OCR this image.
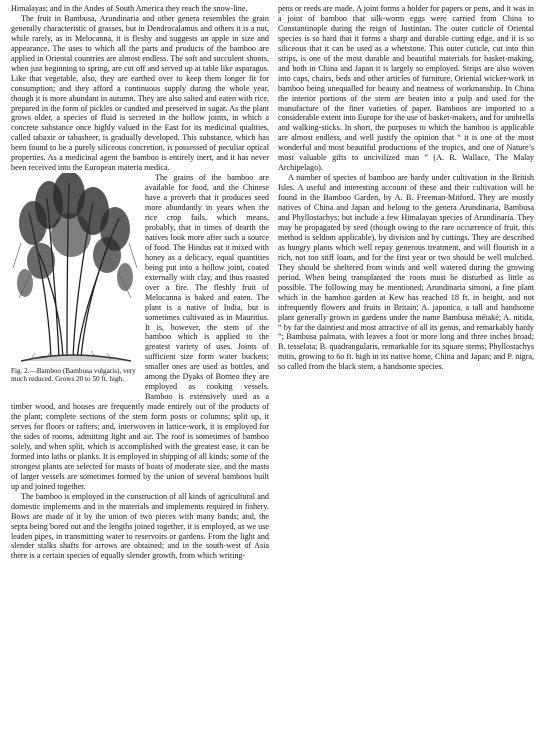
Himalayas; and in the Andes of South America they reach the snow-line.

The fruit in Bambusa, Arundinaria and other genera resembles the grain generally characteristic of grasses, but in Dendrocalamus and others it is a nut, while rarely, as in Melocanna, it is fleshy and suggests an apple in size and appearance. The uses to which all the parts and products of the bamboo are applied in Oriental countries are almost endless. The soft and succulent shoots, when just beginning to spring, are cut off and served up at table like asparagus. Like that vegetable, also, they are earthed over to keep them longer fit for consumption; and they afford a continuous supply during the whole year, though it is more abundant in autumn. They are also salted and eaten with rice, prepared in the form of pickles or candied and preserved in sugar. As the plant grows older, a species of fluid is secreted in the hollow joints, in which a concrete substance once highly valued in the East for its medicinal qualities, called tabaxir or tabasheer, is gradually developed. This substance, which has been found to be a purely siliceous concretion, is possessed of peculiar optical properties. As a medicinal agent the bamboo is entirely inert, and it has never been received into the European materia medica.

Fig. 2.—Bamboo (Bambusa vulgaris), very much reduced. Grows 20 to 50 ft. high.

The grains of the bamboo are available for food, and the Chinese have a proverb that it produces seed more abundantly in years when the rice crop fails, which means, probably, that in times of dearth the natives look more after such a source of food. The Hindus eat it mixed with honey as a delicacy, equal quantities being put into a hollow joint, coated externally with clay, and thus roasted over a fire. The fleshly fruit of Melocanna is baked and eaten. The plant is a native of India, but is sometimes cultivated as in Mauritius. It is, however, the stem of the bamboo which is applied to the greatest variety of uses. Joints of sufficient size form water buckets; smaller ones are used as bottles, and among the Dyaks of Borneo they are employed as cooking vessels. Bamboo is extensively used as a timber wood, and houses are frequently made entirely out of the products of the plant; complete sections of the stem form posts or columns; split up, it serves for floors or rafters; and, interwoven in lattice-work, it is employed for the sides of rooms, admitting light and air. The roof is sometimes of bamboo solely, and when split, which is accomplished with the greatest ease, it can be formed into laths or planks. It is employed in shipping of all kinds; some of the strongest plants are selected for masts of boats of moderate size, and the masts of larger vessels are sometimes formed by the union of several bamboos built up and joined together.

The bamboo is employed in the construction of all kinds of agricultural and domestic implements and in the materials and implements required in fishery. Bows are made of it by the union of two pieces with many bands; and, the septa being bored out and the lengths joined together, it is employed, as we use leaden pipes, in transmitting water to reservoirs or gardens. From the light and slender stalks shafts for arrows are obtained; and in the south-west of Asia there is a certain species of equally slender growth, from which writing-

pens or reeds are made. A joint forms a holder for papers or pens, and it was in a joint of bamboo that silk-worm eggs were carried from China to Constantinople during the reign of Justinian. The outer cuticle of Oriental species is so hard that it forms a sharp and durable cutting edge, and it is so siliceous that it can be used as a whetstone. This outer cuticle, cut into thin strips, is one of the most durable and beautiful materials for basket-making, and both in China and Japan it is largely so employed. Strips are also woven into caps, chairs, beds and other articles of furniture, Oriental wicker-work in bamboo being unequalled for beauty and neatness of workmanship. In China the interior portions of the stem are beaten into a pulp and used for the manufacture of the finer varieties of paper. Bamboos are imported to a considerable extent into Europe for the use of basket-makers, and for umbrella and walking-sticks. In short, the purposes to which the bamboo is applicable are almost endless, and well justify the opinion that “ it is one of the most wonderful and most beautiful productions of the tropics, and one of Nature’s most valuable gifts to uncivilized man ” (A. R. Wallace, The Malay Archipelago).

A number of species of bamboo are hardy under cultivation in the British Isles. A useful and interesting account of these and their cultivation will be found in the Bamboo Garden, by A. B. Freeman-Mitford. They are mostly natives of China and Japan and belong to the genera Arundinaria, Bambusa and Phyllostachys; but include a few Himalayan species of Arundinaria. They may be propagated by seed (though owing to the rare occurrence of fruit, this method is seldom applicable), by division and by cuttings. They are described as hungry plants which well repay generous treatment, and will flourish in a rich, not too stiff loam, and for the first year or two should be well mulched. They should be sheltered from winds and well watered during the growing period. When being transplanted the roots must be disturbed as little as possible. The following may be mentioned; Arundinaria simoni, a fine plant which in the bamboo garden at Kew has reached 18 ft. in height, and not infrequently flowers and fruits in Britain; A. japonica, a tall and handsome plant generally grown in gardens under the name Bambusa métaké; A. nitida, “ by far the daintiest and most attractive of all its genus, and remarkably hardy ”; Bambusa palmata, with leaves a foot or more long and three inches broad; B. tesselata; B. quadrangularis, remarkable for its square stems; Phyllostachys mitis, growing to 6o ft. high in its native home, China and Japan; and P. nigra, so called from the black stem, a handsome species.
